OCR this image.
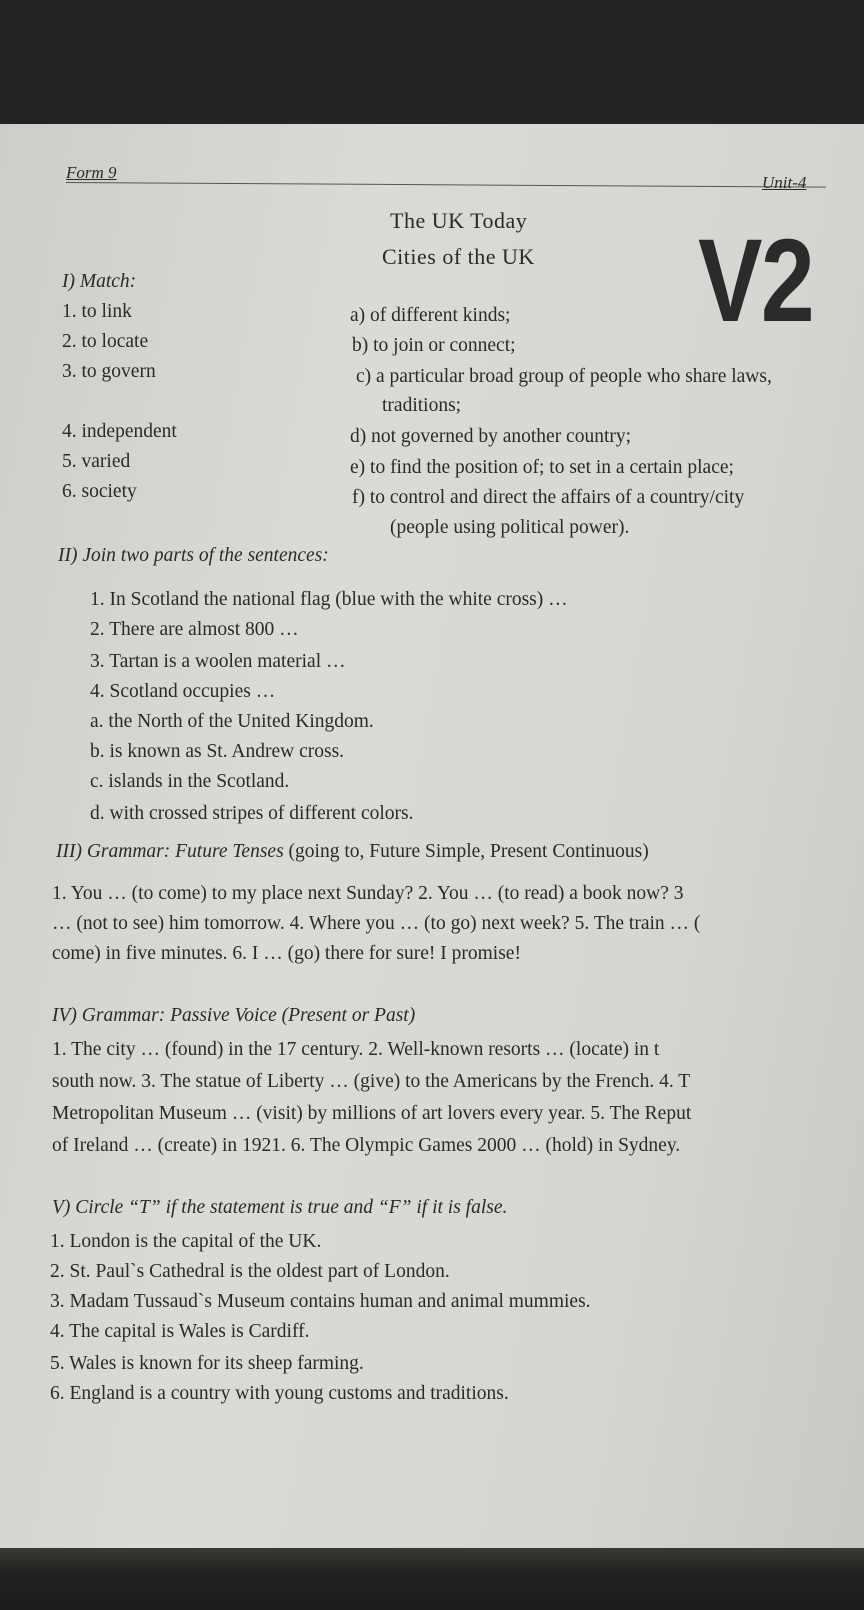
Form 9
Unit-4
The UK Today
Cities of the UK V2
I) Match:
1. to link
2. to locate
3. to govern
4. independent
5. varied
6. society
a) of different kinds;
b) to join or connect;
c) a particular broad group of people who share laws,
traditions;
d) not governed by another country;
e) to find the position of; to set in a certain place;
f) to control and direct the affairs of a country/city
(people using political power).
II) Join two parts of the sentences:
1. In Scotland the national flag (blue with the white cross) …
2. There are almost 800 …
3. Tartan is a woolen material …
4. Scotland occupies …
a. the North of the United Kingdom.
b. is known as St. Andrew cross.
c. islands in the Scotland.
d. with crossed stripes of different colors.
III) Grammar: Future Tenses (going to, Future Simple, Present Continuous)
1. You … (to come) to my place next Sunday? 2. You … (to read) a book now? 3
… (not to see) him tomorrow. 4. Where you … (to go) next week? 5. The train … (
come) in five minutes. 6. I … (go) there for sure! I promise!
IV) Grammar: Passive Voice (Present or Past)
1. The city … (found) in the 17 century. 2. Well-known resorts … (locate) in t
south now. 3. The statue of Liberty … (give) to the Americans by the French. 4. T
Metropolitan Museum … (visit) by millions of art lovers every year. 5. The Reput
of Ireland … (create) in 1921. 6. The Olympic Games 2000 … (hold) in Sydney.
V) Circle “T” if the statement is true and “F” if it is false.
1. London is the capital of the UK.
2. St. Paul`s Cathedral is the oldest part of London.
3. Madam Tussaud`s Museum contains human and animal mummies.
4. The capital is Wales is Cardiff.
5. Wales is known for its sheep farming.
6. England is a country with young customs and traditions.
